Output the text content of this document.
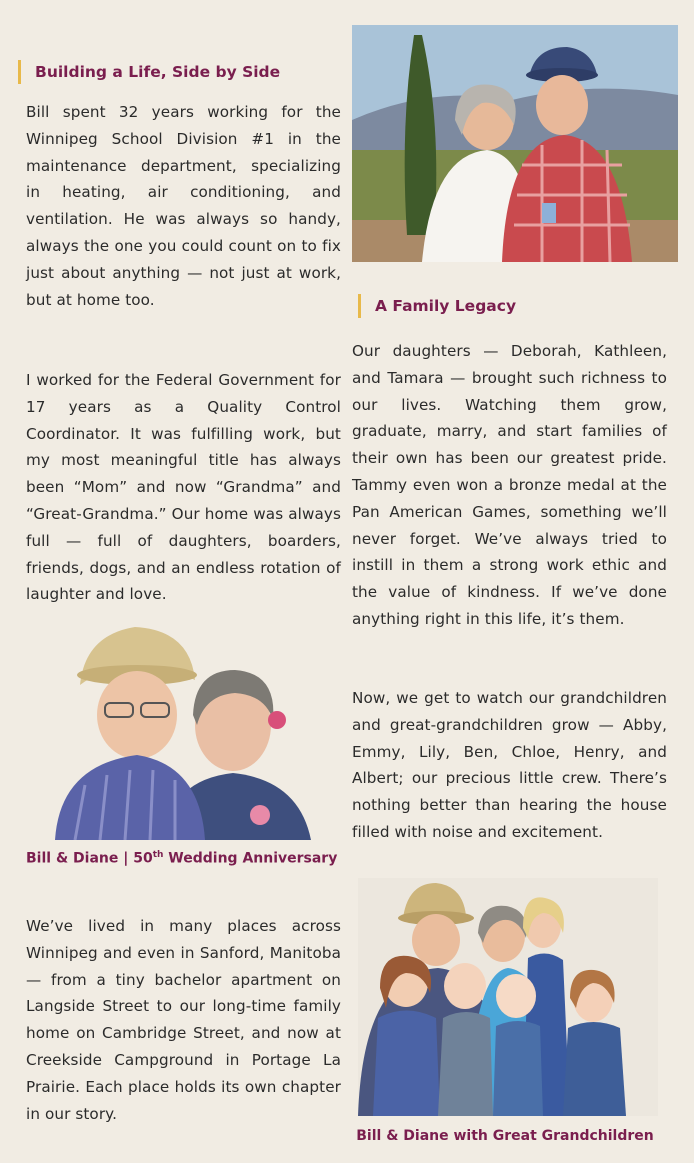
Building a Life, Side by Side

Bill spent 32 years working for the Winnipeg School Division #1 in the maintenance department, specializing in heating, air conditioning, and ventilation. He was always so handy, always the one you could count on to fix just about anything — not just at work, but at home too.

I worked for the Federal Government for 17 years as a Quality Control Coordinator. It was fulfilling work, but my most meaningful title has always been “Mom” and now “Grandma” and “Great-Grandma.” Our home was always full — full of daughters, boarders, friends, dogs, and an endless rotation of laughter and love.

Bill & Diane | 50th Wedding Anniversary

We’ve lived in many places across Winnipeg and even in Sanford, Manitoba — from a tiny bachelor apartment on Langside Street to our long-time family home on Cambridge Street, and now at Creekside Campground in Portage La Prairie. Each place holds its own chapter in our story.

A Family Legacy

Our daughters — Deborah, Kathleen, and Tamara — brought such richness to our lives. Watching them grow, graduate, marry, and start families of their own has been our greatest pride. Tammy even won a bronze medal at the Pan American Games, something we’ll never forget. We’ve always tried to instill in them a strong work ethic and the value of kindness. If we’ve done anything right in this life, it’s them.

Now, we get to watch our grandchildren and great-grandchildren grow — Abby, Emmy, Lily, Ben, Chloe, Henry, and Albert; our precious little crew. There’s nothing better than hearing the house filled with noise and excitement.

Bill & Diane with Great Grandchildren
